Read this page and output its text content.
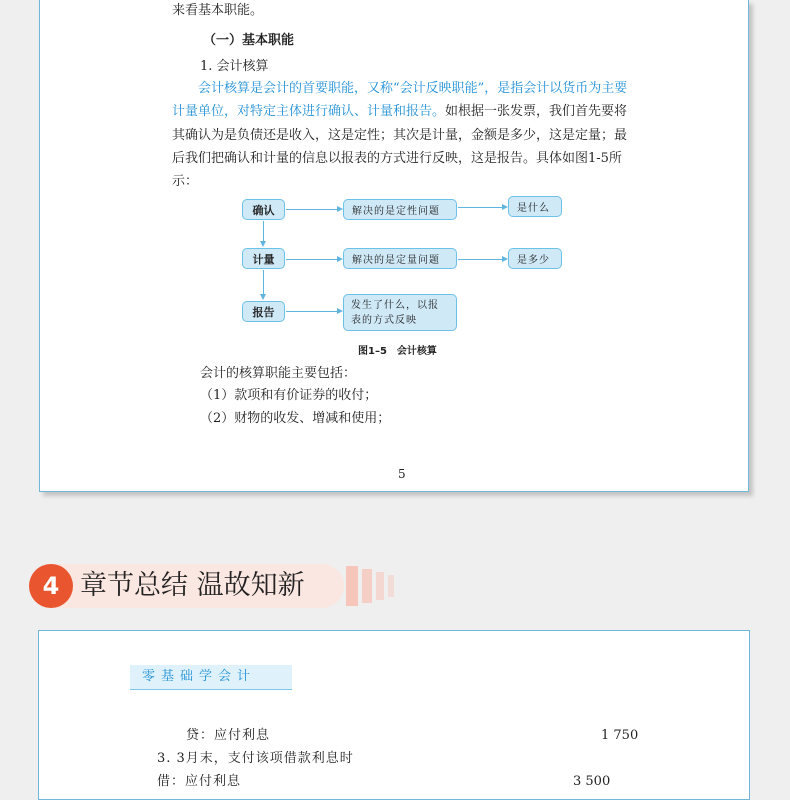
来看基本职能。
（一）基本职能
1. 会计核算
会计核算是会计的首要职能，又称“会计反映职能”，是指会计以货币为主要计量单位，对特定主体进行确认、计量和报告。如根据一张发票，我们首先要将其确认为是负债还是收入，这是定性；其次是计量，金额是多少，这是定量；最后我们把确认和计量的信息以报表的方式进行反映，这是报告。具体如图1-5所示：
确认
计量
报告
解决的是定性问题
解决的是定量问题
发生了什么，以报表的方式反映
是什么
是多少
图1–5　会计核算
会计的核算职能主要包括：
（1）款项和有价证券的收付；
（2）财物的收发、增减和使用；
5
4 章节总结 温故知新
零基础学会计
贷：应付利息	1 750
3. 3月末，支付该项借款利息时
借：应付利息	3 500
